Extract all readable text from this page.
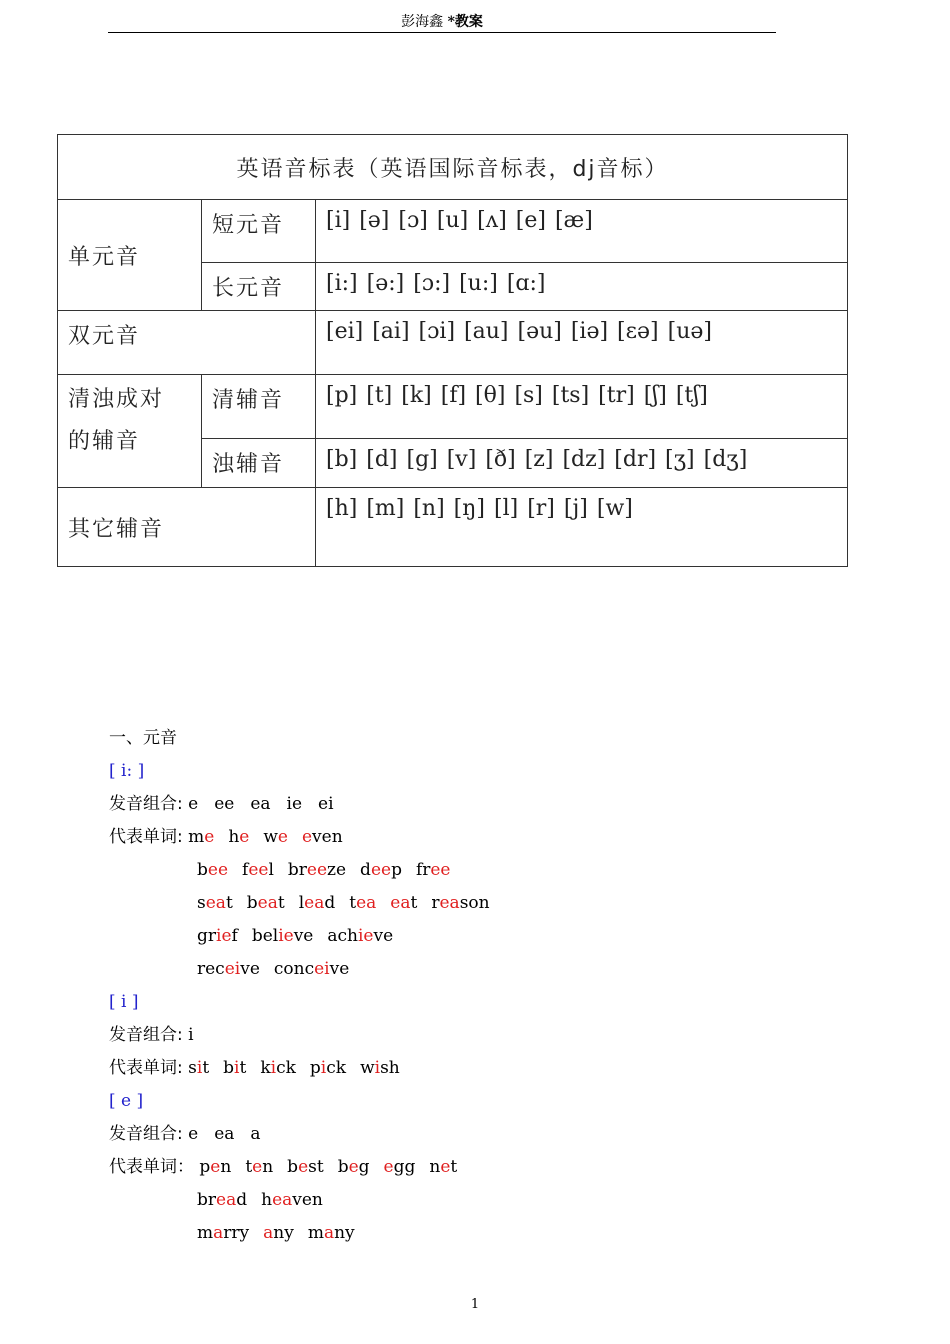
彭海鑫 *教案
英语音标表（英语国际音标表，dj音标）		
单元音	短元音	[i] [ə] [ɔ] [u] [ʌ] [e] [æ]
	长元音	[i:] [ə:] [ɔ:] [u:] [ɑ:]
双元音		[ei] [ai] [ɔi] [au] [əu] [iə] [εə] [uə]

清浊成对
的辅音	清辅音	[p] [t] [k] [f] [θ] [s] [ts] [tr] [ʃ] [tʃ]
	浊辅音	[b] [d] [g] [v] [ð] [z] [dz] [dr] [ʒ] [dʒ]
其它辅音		[h] [m] [n] [ŋ] [l] [r] [j] [w]
一、元音
[ i: ]
发音组合: e ee ea ie ei
代表单词: me he we even
bee feel breeze deep free
seat beat lead tea eat reason
grief believe achieve
receive conceive
[ i ]
发音组合: i
代表单词: sit bit kick pick wish
[ e ]
发音组合: e ea a
代表单词： pen ten best beg egg net
bread heaven
marry any many
1
